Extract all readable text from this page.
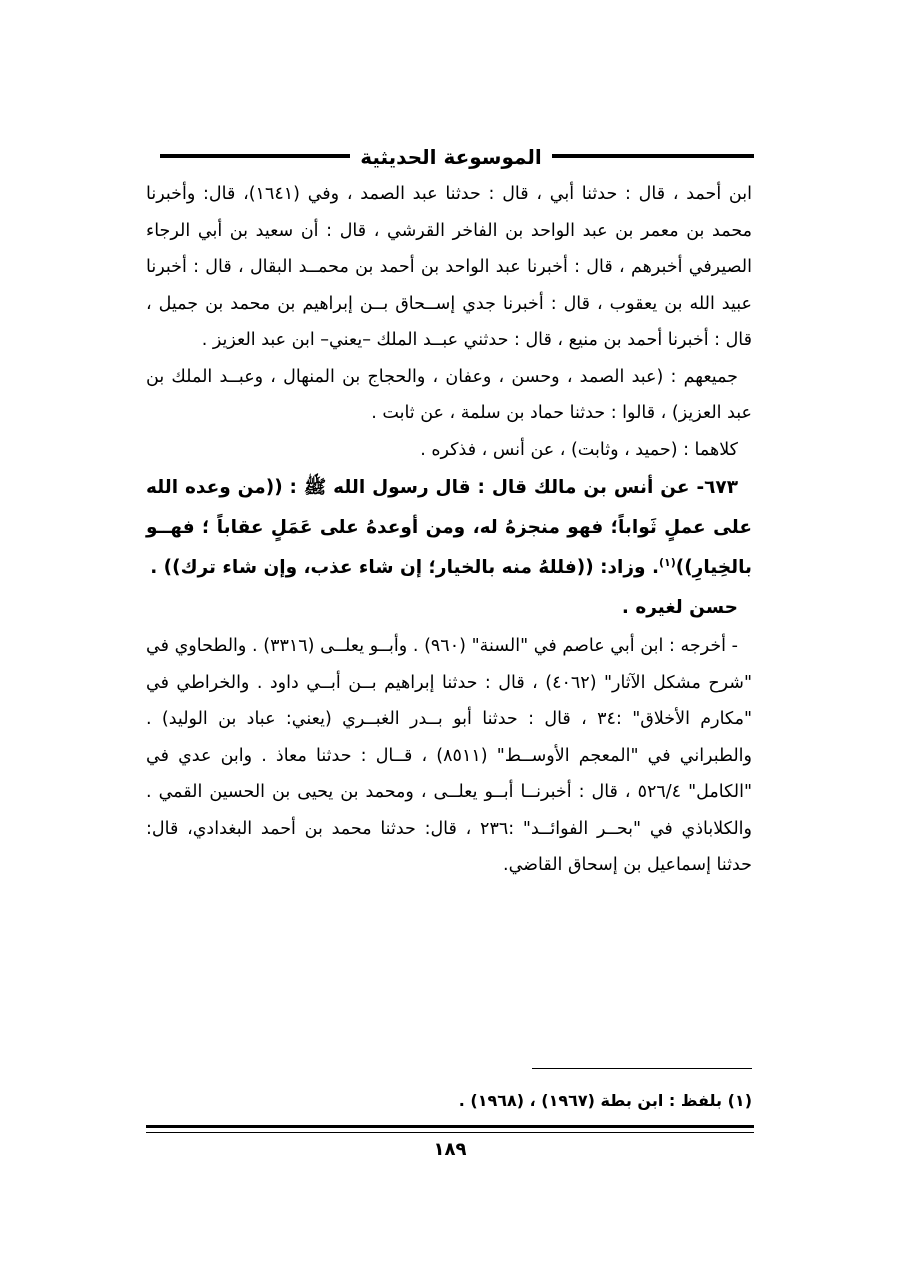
الموسوعة الحديثية

ابن أحمد ، قال : حدثنا أبي ، قال : حدثنا عبد الصمد ، وفي (١٦٤١)، قال: وأخبرنا محمد بن معمر بن عبد الواحد بن الفاخر القرشي ، قال : أن سعيد بن أبي الرجاء الصيرفي أخبرهم ، قال : أخبرنا عبد الواحد بن أحمد بن محمــد البقال ، قال : أخبرنا عبيد الله بن يعقوب ، قال : أخبرنا جدي إســحاق بــن إبراهيم بن محمد بن جميل ، قال : أخبرنا أحمد بن منيع ، قال : حدثني عبــد الملك –يعني– ابن عبد العزيز .

جميعهم : (عبد الصمد ، وحسن ، وعفان ، والحجاج بن المنهال ، وعبــد الملك بن عبد العزيز) ، قالوا : حدثنا حماد بن سلمة ، عن ثابت .

كلاهما : (حميد ، وثابت) ، عن أنس ، فذكره .

٦٧٣- عن أنس بن مالك قال : قال رسول الله ﷺ : ((من وعده الله على عملٍ ثَواباً؛ فهو منجزهُ له، ومن أوعدهُ على عَمَلٍ عقاباً ؛ فهــو بالخِيارِ))$^{(١)}$. وزاد: ((فللهُ منه بالخيار؛ إن شاء عذب، وإن شاء ترك)) .

حسن لغيره .

- أخرجه : ابن أبي عاصم في "السنة" (٩٦٠) . وأبــو يعلــى (٣٣١٦) . والطحاوي في "شرح مشكل الآثار" (٤٠٦٢) ، قال : حدثنا إبراهيم بــن أبــي داود . والخراطي في "مكارم الأخلاق" :٣٤ ، قال : حدثنا أبو بــدر الغبــري (يعني: عباد بن الوليد) . والطبراني في "المعجم الأوســط" (٨٥١١) ، قــال : حدثنا معاذ . وابن عدي في "الكامل" ٥٢٦/٤ ، قال : أخبرنــا أبــو يعلــى ، ومحمد بن يحيى بن الحسين القمي . والكلاباذي في "بحــر الفوائــد" :٢٣٦ ، قال: حدثنا محمد بن أحمد البغدادي، قال: حدثنا إسماعيل بن إسحاق القاضي.

(١) بلفظ : ابن بطة (١٩٦٧) ، (١٩٦٨) .
١٨٩
